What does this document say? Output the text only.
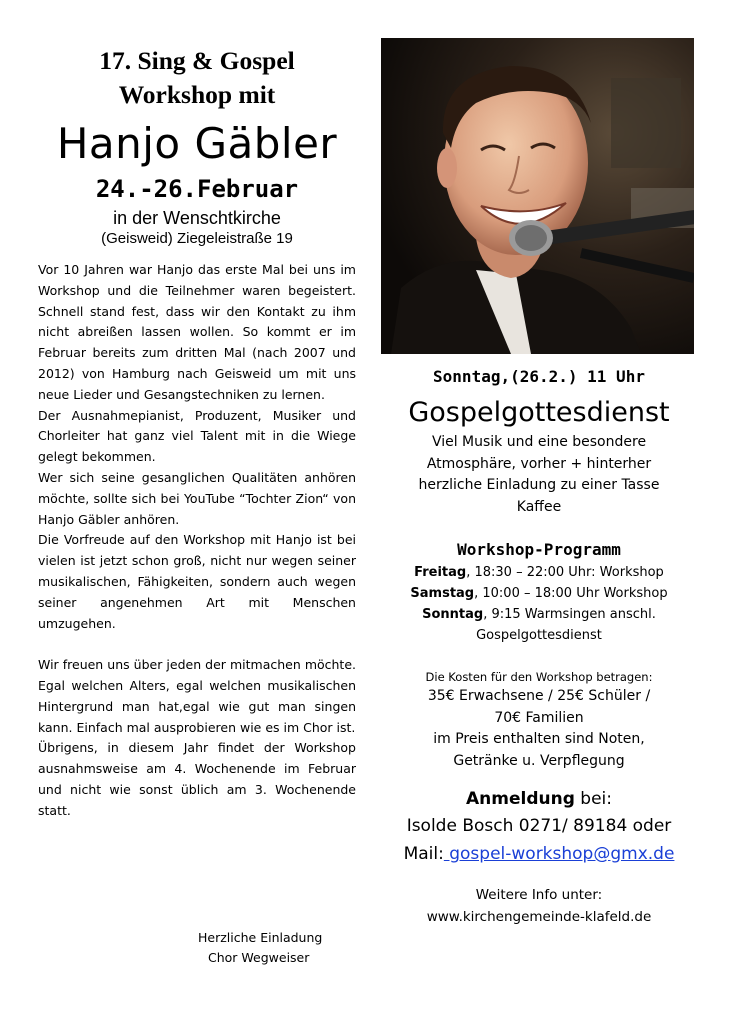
17. Sing & Gospel
Workshop mit
Hanjo Gäbler
24.-26.Februar
in der Wenschtkirche
(Geisweid) Ziegeleistraße 19

Vor 10 Jahren war Hanjo das erste Mal bei uns im Workshop und die Teilnehmer waren begeistert. Schnell stand fest, dass wir den Kontakt zu ihm nicht abreißen lassen wollen. So kommt er im Februar bereits zum dritten Mal (nach 2007 und 2012) von Hamburg nach Geisweid um mit uns neue Lieder und Gesangstechniken zu lernen.

Der Ausnahmepianist, Produzent, Musiker und Chorleiter hat ganz viel Talent mit in die Wiege gelegt bekommen.

Wer sich seine gesanglichen Qualitäten anhören möchte, sollte sich bei YouTube “Tochter Zion“ von Hanjo Gäbler anhören.

Die Vorfreude auf den Workshop mit Hanjo ist bei vielen ist jetzt schon groß, nicht nur wegen seiner musikalischen, Fähigkeiten, sondern auch wegen seiner angenehmen Art mit Menschen umzugehen.

Wir freuen uns über jeden der mitmachen möchte. Egal welchen Alters, egal welchen musikalischen Hintergrund man hat,egal wie gut man singen kann. Einfach mal ausprobieren wie es im Chor ist.

Übrigens, in diesem Jahr findet der Workshop ausnahmsweise am 4. Wochenende im Februar und nicht wie sonst üblich am 3. Wochenende statt.

Herzliche Einladung
Chor Wegweiser
Sonntag,(26.2.) 11 Uhr
Gospelgottesdienst
Viel Musik und eine besondere
Atmosphäre, vorher + hinterher
herzliche Einladung zu einer Tasse
Kaffee
Workshop-Programm
Freitag, 18:30 – 22:00 Uhr: Workshop
Samstag, 10:00 – 18:00 Uhr Workshop
Sonntag, 9:15 Warmsingen anschl.
Gospelgottesdienst
Die Kosten für den Workshop betragen:
35€ Erwachsene / 25€ Schüler /
70€ Familien
im Preis enthalten sind Noten,
Getränke u. Verpflegung
Anmeldung bei:
Isolde Bosch 0271/ 89184 oder
Mail: gospel-workshop@gmx.de
Weitere Info unter:
www.kirchengemeinde-klafeld.de
